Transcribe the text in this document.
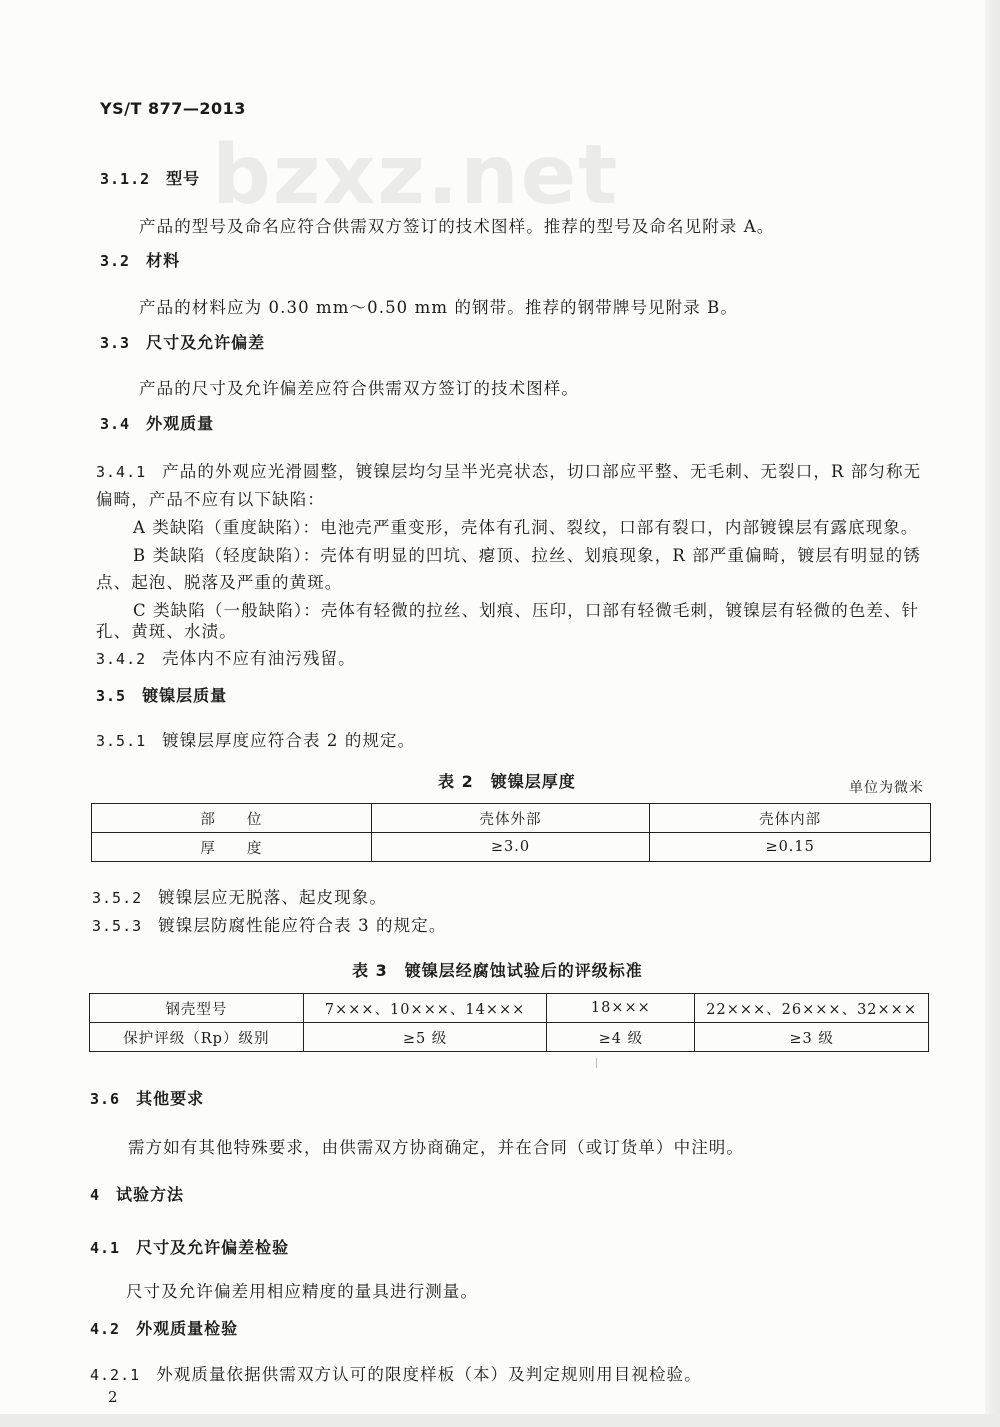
YS/T 877—2013
bzxz.net
3.1.2 型号
产品的型号及命名应符合供需双方签订的技术图样。推荐的型号及命名见附录 A。
3.2 材料
产品的材料应为 0.30 mm～0.50 mm 的钢带。推荐的钢带牌号见附录 B。
3.3 尺寸及允许偏差
产品的尺寸及允许偏差应符合供需双方签订的技术图样。
3.4 外观质量
3.4.1 产品的外观应光滑圆整，镀镍层均匀呈半光亮状态，切口部应平整、无毛刺、无裂口，R 部匀称无
偏畸，产品不应有以下缺陷：
A 类缺陷（重度缺陷）：电池壳严重变形，壳体有孔洞、裂纹，口部有裂口，内部镀镍层有露底现象。
B 类缺陷（轻度缺陷）：壳体有明显的凹坑、瘪顶、拉丝、划痕现象，R 部严重偏畸，镀层有明显的锈
点、起泡、脱落及严重的黄斑。
C 类缺陷（一般缺陷）：壳体有轻微的拉丝、划痕、压印，口部有轻微毛刺，镀镍层有轻微的色差、针
孔、黄斑、水渍。
3.4.2 壳体内不应有油污残留。
3.5 镀镍层质量
3.5.1 镀镍层厚度应符合表 2 的规定。
表 2　镀镍层厚度	单位为微米
部　　位	壳体外部	壳体内部
厚　　度	≥3.0	≥0.15
3.5.2 镀镍层应无脱落、起皮现象。
3.5.3 镀镍层防腐性能应符合表 3 的规定。
表 3　镀镍层经腐蚀试验后的评级标准
钢壳型号	7×××、10×××、14×××	18×××	22×××、26×××、32×××
保护评级（Rp）级别	≥5 级	≥4 级	≥3 级
3.6 其他要求
需方如有其他特殊要求，由供需双方协商确定，并在合同（或订货单）中注明。
4 试验方法
4.1 尺寸及允许偏差检验
尺寸及允许偏差用相应精度的量具进行测量。
4.2 外观质量检验
4.2.1 外观质量依据供需双方认可的限度样板（本）及判定规则用目视检验。
2
